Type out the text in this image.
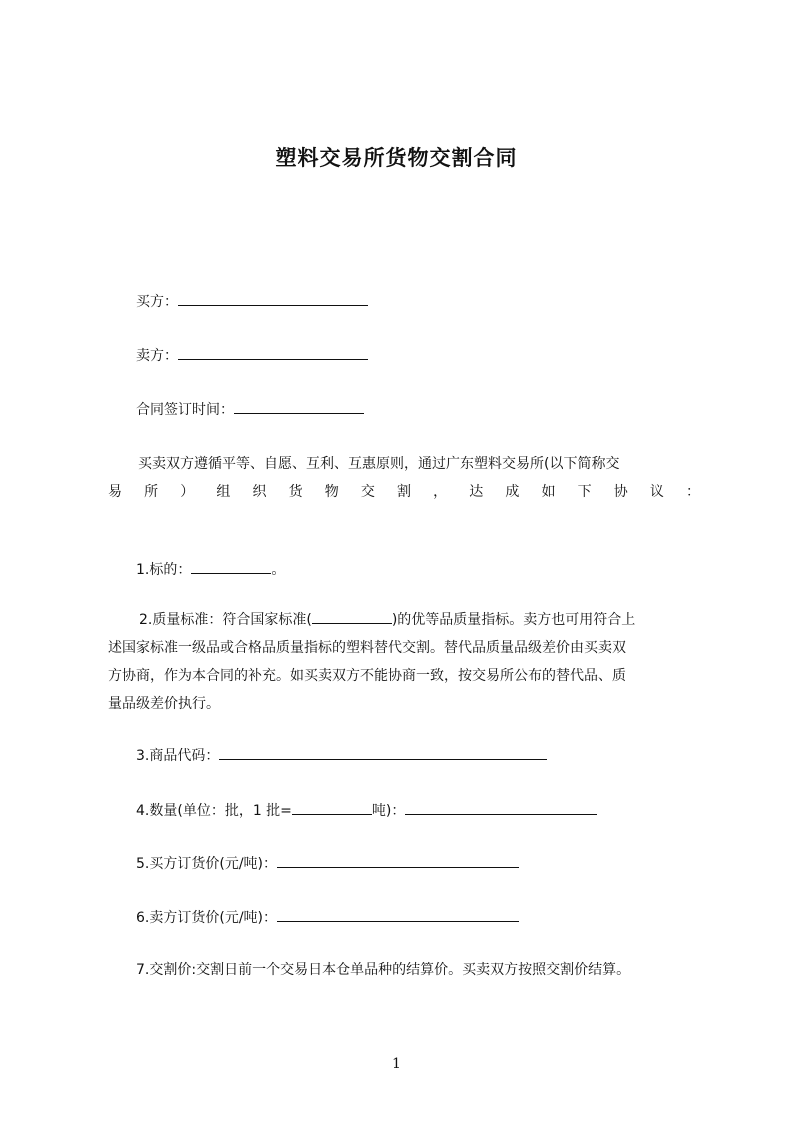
塑料交易所货物交割合同
买方：
卖方：
合同签订时间：
买卖双方遵循平等、自愿、互利、互惠原则，通过广东塑料交易所(以下简称交
易 所 ） 组 织 货 物 交 割 ， 达 成 如 下 协 议 ：
1.标的：	。
2.质量标准：符合国家标准(	)的优等品质量指标。卖方也可用符合上
述国家标准一级品或合格品质量指标的塑料替代交割。替代品质量品级差价由买卖双
方协商，作为本合同的补充。如买卖双方不能协商一致，按交易所公布的替代品、质
量品级差价执行。
3.商品代码：
4.数量(单位：批，1 批=	吨)：
5.买方订货价(元/吨)：
6.卖方订货价(元/吨)：
7.交割价:交割日前一个交易日本仓单品种的结算价。买卖双方按照交割价结算。
1
